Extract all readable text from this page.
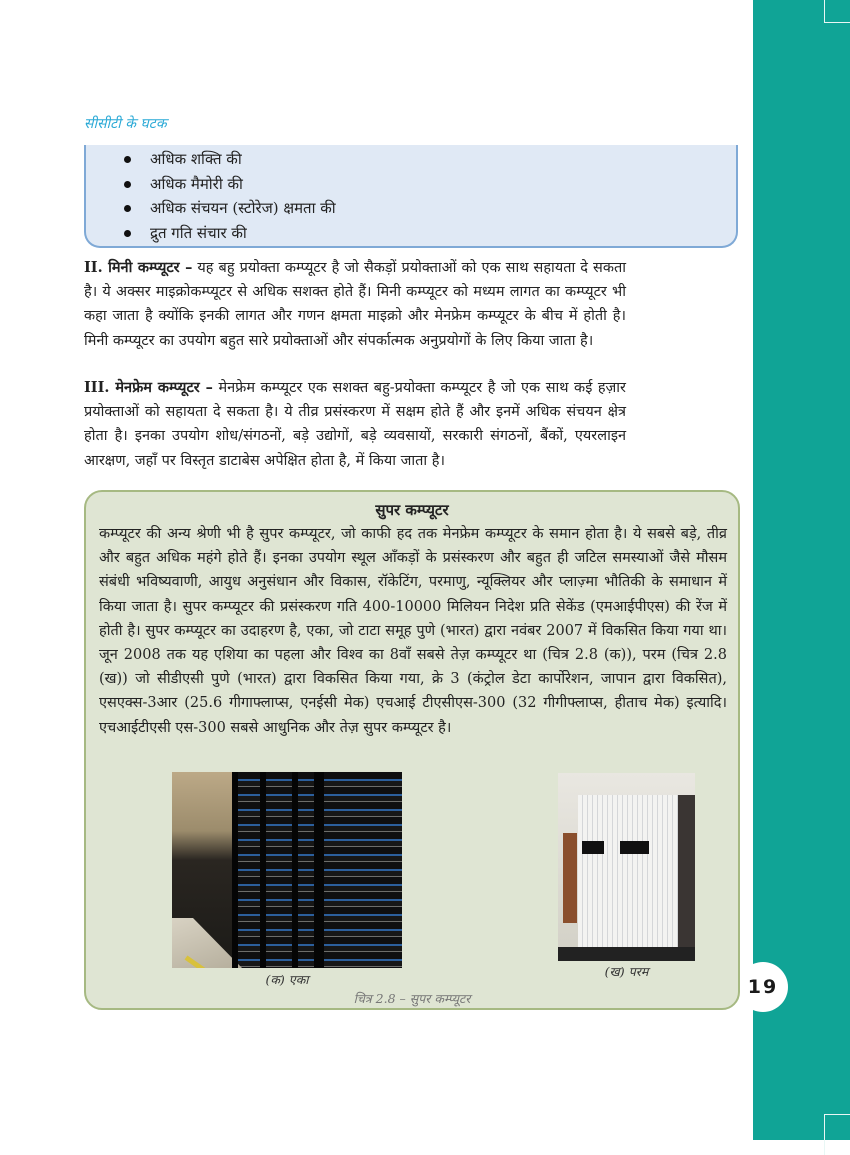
19
सीसीटी के घटक
अधिक शक्ति की
अधिक मैमोरी की
अधिक संचयन (स्टोरेज) क्षमता की
द्रुत गति संचार की
II. मिनी कम्प्यूटर – यह बहु प्रयोक्ता कम्प्यूटर है जो सैकड़ों प्रयोक्ताओं को एक साथ सहायता दे सकता है। ये अक्सर माइक्रोकम्प्यूटर से अधिक सशक्त होते हैं। मिनी कम्प्यूटर को मध्यम लागत का कम्प्यूटर भी कहा जाता है क्योंकि इनकी लागत और गणन क्षमता माइक्रो और मेनफ्रेम कम्प्यूटर के बीच में होती है। मिनी कम्प्यूटर का उपयोग बहुत सारे प्रयोक्ताओं और संपर्कात्मक अनुप्रयोगों के लिए किया जाता है।
III. मेनफ्रेम कम्प्यूटर – मेनफ्रेम कम्प्यूटर एक सशक्त बहु-प्रयोक्ता कम्प्यूटर है जो एक साथ कई हज़ार प्रयोक्ताओं को सहायता दे सकता है। ये तीव्र प्रसंस्करण में सक्षम होते हैं और इनमें अधिक संचयन क्षेत्र होता है। इनका उपयोग शोध/संगठनों, बड़े उद्योगों, बड़े व्यवसायों, सरकारी संगठनों, बैंकों, एयरलाइन आरक्षण, जहाँ पर विस्तृत डाटाबेस अपेक्षित होता है, में किया जाता है।
सुपर कम्प्यूटर
कम्प्यूटर की अन्य श्रेणी भी है सुपर कम्प्यूटर, जो काफी हद तक मेनफ्रेम कम्प्यूटर के समान होता है। ये सबसे बड़े, तीव्र और बहुत अधिक महंगे होते हैं। इनका उपयोग स्थूल आँकड़ों के प्रसंस्करण और बहुत ही जटिल समस्याओं जैसे मौसम संबंधी भविष्यवाणी, आयुध अनुसंधान और विकास, रॉकेटिंग, परमाणु, न्यूक्लियर और प्लाज़्मा भौतिकी के समाधान में किया जाता है। सुपर कम्प्यूटर की प्रसंस्करण गति 400-10000 मिलियन निदेश प्रति सेकेंड (एमआईपीएस) की रेंज में होती है। सुपर कम्प्यूटर का उदाहरण है, एका, जो टाटा समूह पुणे (भारत) द्वारा नवंबर 2007 में विकसित किया गया था। जून 2008 तक यह एशिया का पहला और विश्व का 8वाँ सबसे तेज़ कम्प्यूटर था (चित्र 2.8 (क)), परम (चित्र 2.8 (ख)) जो सीडीएसी पुणे (भारत) द्वारा विकसित किया गया, क्रे 3 (कंट्रोल डेटा कार्पोरेशन, जापान द्वारा विकसित), एसएक्स-3आर (25.6 गीगाफ्लाप्स, एनईसी मेक) एचआई टीएसीएस-300 (32 गीगीफ्लाप्स, हीताच मेक) इत्यादि। एचआईटीएसी एस-300 सबसे आधुनिक और तेज़ सुपर कम्प्यूटर है।
(क) एका
(ख) परम
चित्र 2.8 – सुपर कम्प्यूटर
